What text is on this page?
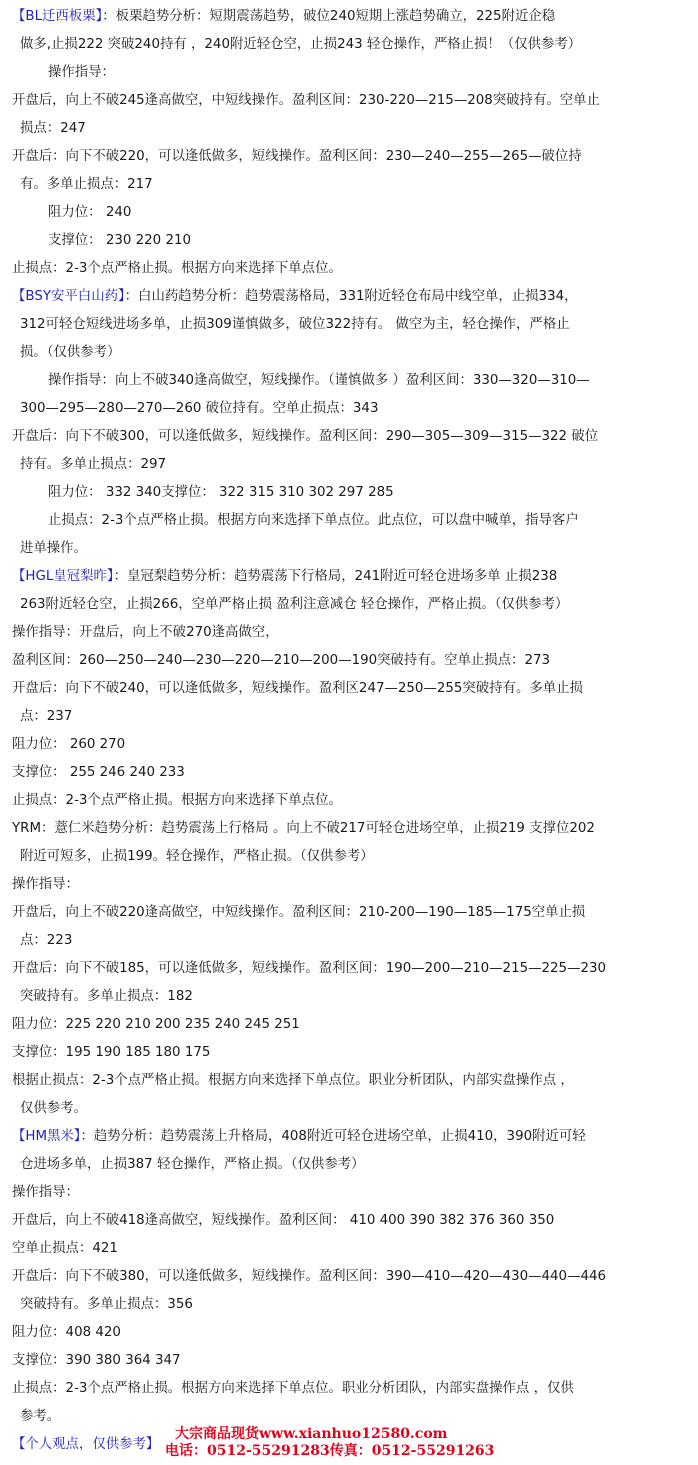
【BL迁西板栗】：板栗趋势分析：短期震荡趋势，破位240短期上涨趋势确立，225附近企稳
做多,止损222 突破240持有 ，240附近轻仓空，止损243 轻仓操作，严格止损！（仅供参考）
操作指导：
开盘后，向上不破245逢高做空，中短线操作。盈利区间：230-220—215—208突破持有。空单止
损点：247
开盘后：向下不破220，可以逢低做多，短线操作。盈利区间：230—240—255—265—破位持
有。多单止损点：217
阻力位： 240
支撑位： 230 220 210
止损点：2-3个点严格止损。根据方向来选择下单点位。
【BSY安平白山药】：白山药趋势分析：趋势震荡格局，331附近轻仓布局中线空单，止损334，
312可轻仓短线进场多单，止损309谨慎做多，破位322持有。 做空为主，轻仓操作，严格止
损。（仅供参考）
操作指导：向上不破340逢高做空，短线操作。（谨慎做多 ）盈利区间：330—320—310—
300—295—280—270—260 破位持有。空单止损点：343
开盘后：向下不破300，可以逢低做多，短线操作。盈利区间：290—305—309—315—322 破位
持有。多单止损点：297
阻力位： 332 340支撑位： 322 315 310 302 297 285
止损点：2-3个点严格止损。根据方向来选择下单点位。此点位，可以盘中喊单，指导客户
进单操作。
【HGL皇冠梨昨】：皇冠梨趋势分析：趋势震荡下行格局，241附近可轻仓进场多单 止损238
263附近轻仓空，止损266，空单严格止损 盈利注意减仓 轻仓操作，严格止损。（仅供参考）
操作指导：开盘后，向上不破270逢高做空，
盈利区间：260—250—240—230—220—210—200—190突破持有。空单止损点：273
开盘后：向下不破240，可以逢低做多，短线操作。盈利区247—250—255突破持有。多单止损
点：237
阻力位： 260 270
支撑位： 255 246 240 233
止损点：2-3个点严格止损。根据方向来选择下单点位。
YRM：薏仁米趋势分析：趋势震荡上行格局 。向上不破217可轻仓进场空单，止损219 支撑位202
附近可短多，止损199。轻仓操作，严格止损。（仅供参考）
操作指导：
开盘后，向上不破220逢高做空，中短线操作。盈利区间：210-200—190—185—175空单止损
点：223
开盘后：向下不破185，可以逢低做多，短线操作。盈利区间：190—200—210—215—225—230
突破持有。多单止损点：182
阻力位：225 220 210 200 235 240 245 251
支撑位：195 190 185 180 175
根据止损点：2-3个点严格止损。根据方向来选择下单点位。职业分析团队，内部实盘操作点 ，
仅供参考。
【HM黑米】：趋势分析：趋势震荡上升格局，408附近可轻仓进场空单，止损410，390附近可轻
仓进场多单，止损387 轻仓操作，严格止损。（仅供参考）
操作指导：
开盘后，向上不破418逢高做空，短线操作。盈利区间： 410 400 390 382 376 360 350
空单止损点：421
开盘后：向下不破380，可以逢低做多，短线操作。盈利区间：390—410—420—430—440—446
突破持有。多单止损点：356
阻力位：408 420
支撑位：390 380 364 347
止损点：2-3个点严格止损。根据方向来选择下单点位。职业分析团队，内部实盘操作点 ，仅供
参考。
【个人观点，仅供参考】
大宗商品现货www.xianhuo12580.com
电话：0512-55291283传真：0512-55291263
